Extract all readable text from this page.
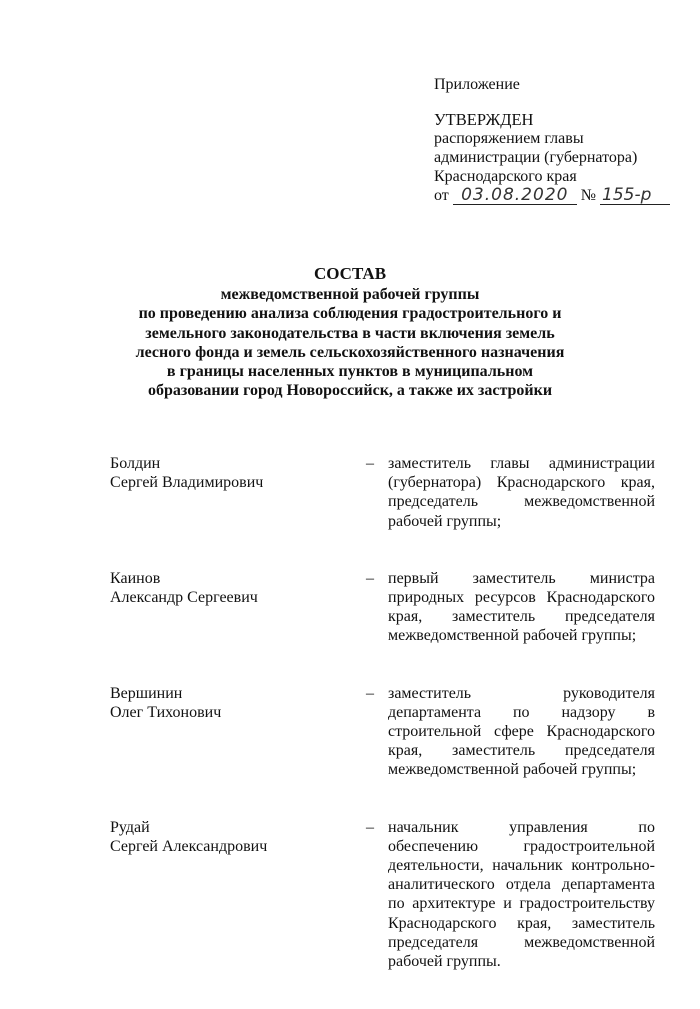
Приложение
УТВЕРЖДЕН
распоряжением главы
администрации (губернатора)
Краснодарского края
от 03.08.2020 № 155-р
СОСТАВ
межведомственной рабочей группы
по проведению анализа соблюдения градостроительного и
земельного законодательства в части включения земель
лесного фонда и земель сельскохозяйственного назначения
в границы населенных пунктов в муниципальном
образовании город Новороссийск, а также их застройки
Болдин
Сергей Владимирович
– заместитель главы администрации (губернатора) Краснодарского края, председатель межведомственной рабочей группы;
Каинов
Александр Сергеевич
– первый заместитель министра природных ресурсов Краснодарского края, заместитель председателя межведомственной рабочей группы;
Вершинин
Олег Тихонович
– заместитель руководителя департамента по надзору в строительной сфере Краснодарского края, заместитель председателя межведомственной рабочей группы;
Рудай
Сергей Александрович
– начальник управления по обеспечению градостроительной деятельности, начальник контрольно-аналитического отдела департамента по архитектуре и градостроительству Краснодарского края, заместитель председателя межведомственной рабочей группы.
